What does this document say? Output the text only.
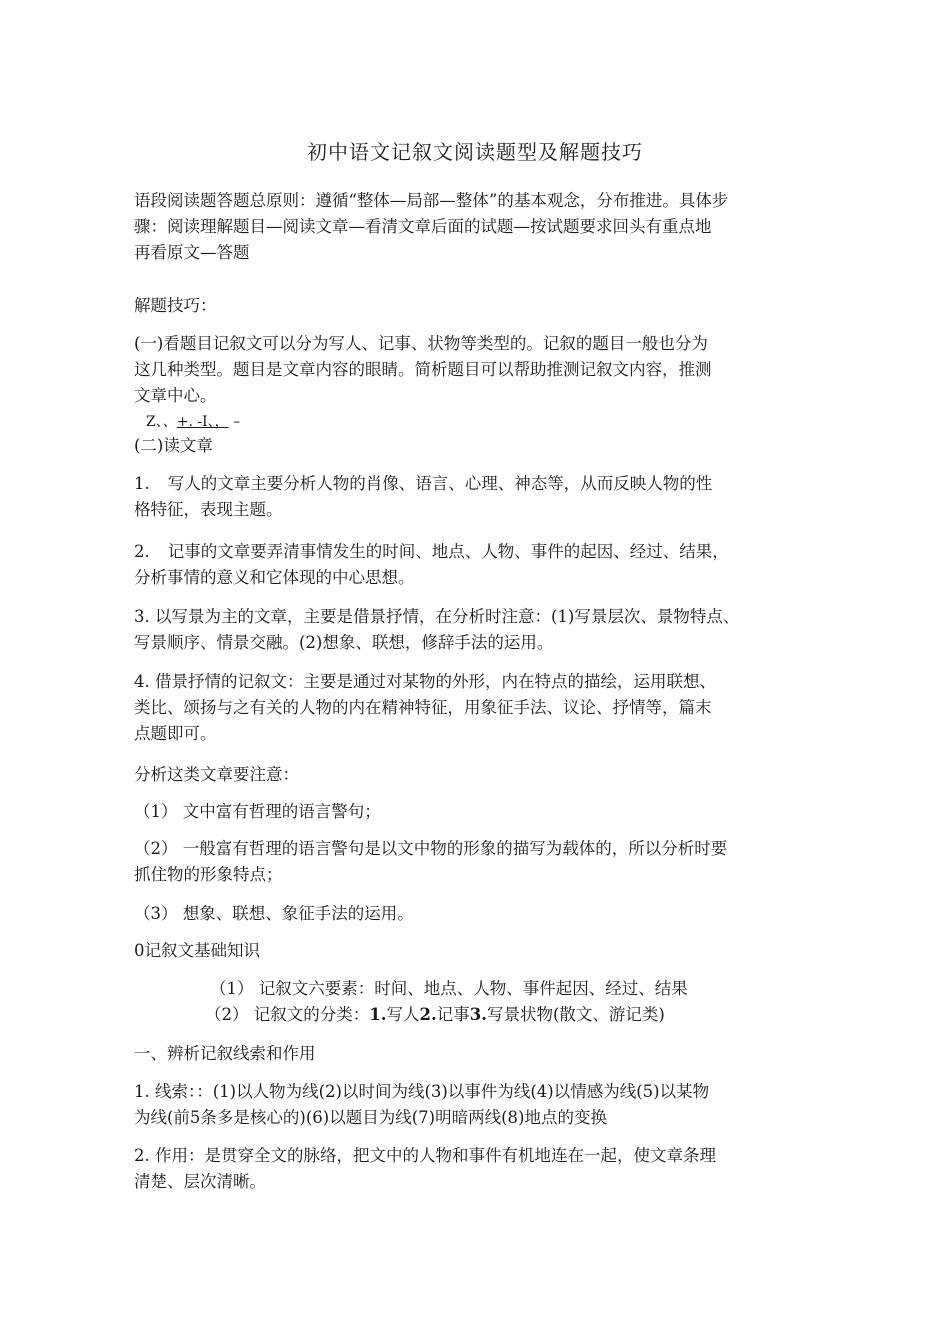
初中语文记叙文阅读题型及解题技巧

语段阅读题答题总原则：遵循“整体—局部—整体”的基本观念，分布推进。具体步
骤：阅读理解题目—阅读文章—看清文章后面的试题—按试题要求回头有重点地
再看原文—答题

解题技巧：

(一)看题目记叙文可以分为写人、记事、状物等类型的。记叙的题目一般也分为
这几种类型。题目是文章内容的眼睛。简析题目可以帮助推测记叙文内容，推测
文章中心。

Z、、+. -I、， –

(二)读文章

1. 写人的文章主要分析人物的肖像、语言、心理、神态等，从而反映人物的性
格特征，表现主题。

2. 记事的文章要弄清事情发生的时间、地点、人物、事件的起因、经过、结果，
分析事情的意义和它体现的中心思想。

3. 以写景为主的文章，主要是借景抒情，在分析时注意：(1)写景层次、景物特点、
写景顺序、情景交融。(2)想象、联想，修辞手法的运用。

4. 借景抒情的记叙文：主要是通过对某物的外形，内在特点的描绘，运用联想、
类比、颂扬与之有关的人物的内在精神特征，用象征手法、议论、抒情等，篇末
点题即可。

分析这类文章要注意：

（1） 文中富有哲理的语言警句；

（2） 一般富有哲理的语言警句是以文中物的形象的描写为载体的，所以分析时要
抓住物的形象特点；

（3） 想象、联想、象征手法的运用。

0记叙文基础知识

（1） 记叙文六要素：时间、地点、人物、事件起因、经过、结果

（2） 记叙文的分类：1.写人2.记事3.写景状物(散文、游记类)

一、辨析记叙线索和作用

1. 线索：：(1)以人物为线(2)以时间为线(3)以事件为线(4)以情感为线(5)以某物
为线(前5条多是核心的)(6)以题目为线(7)明暗两线(8)地点的变换

2. 作用：是贯穿全文的脉络，把文中的人物和事件有机地连在一起，使文章条理
清楚、层次清晰。
